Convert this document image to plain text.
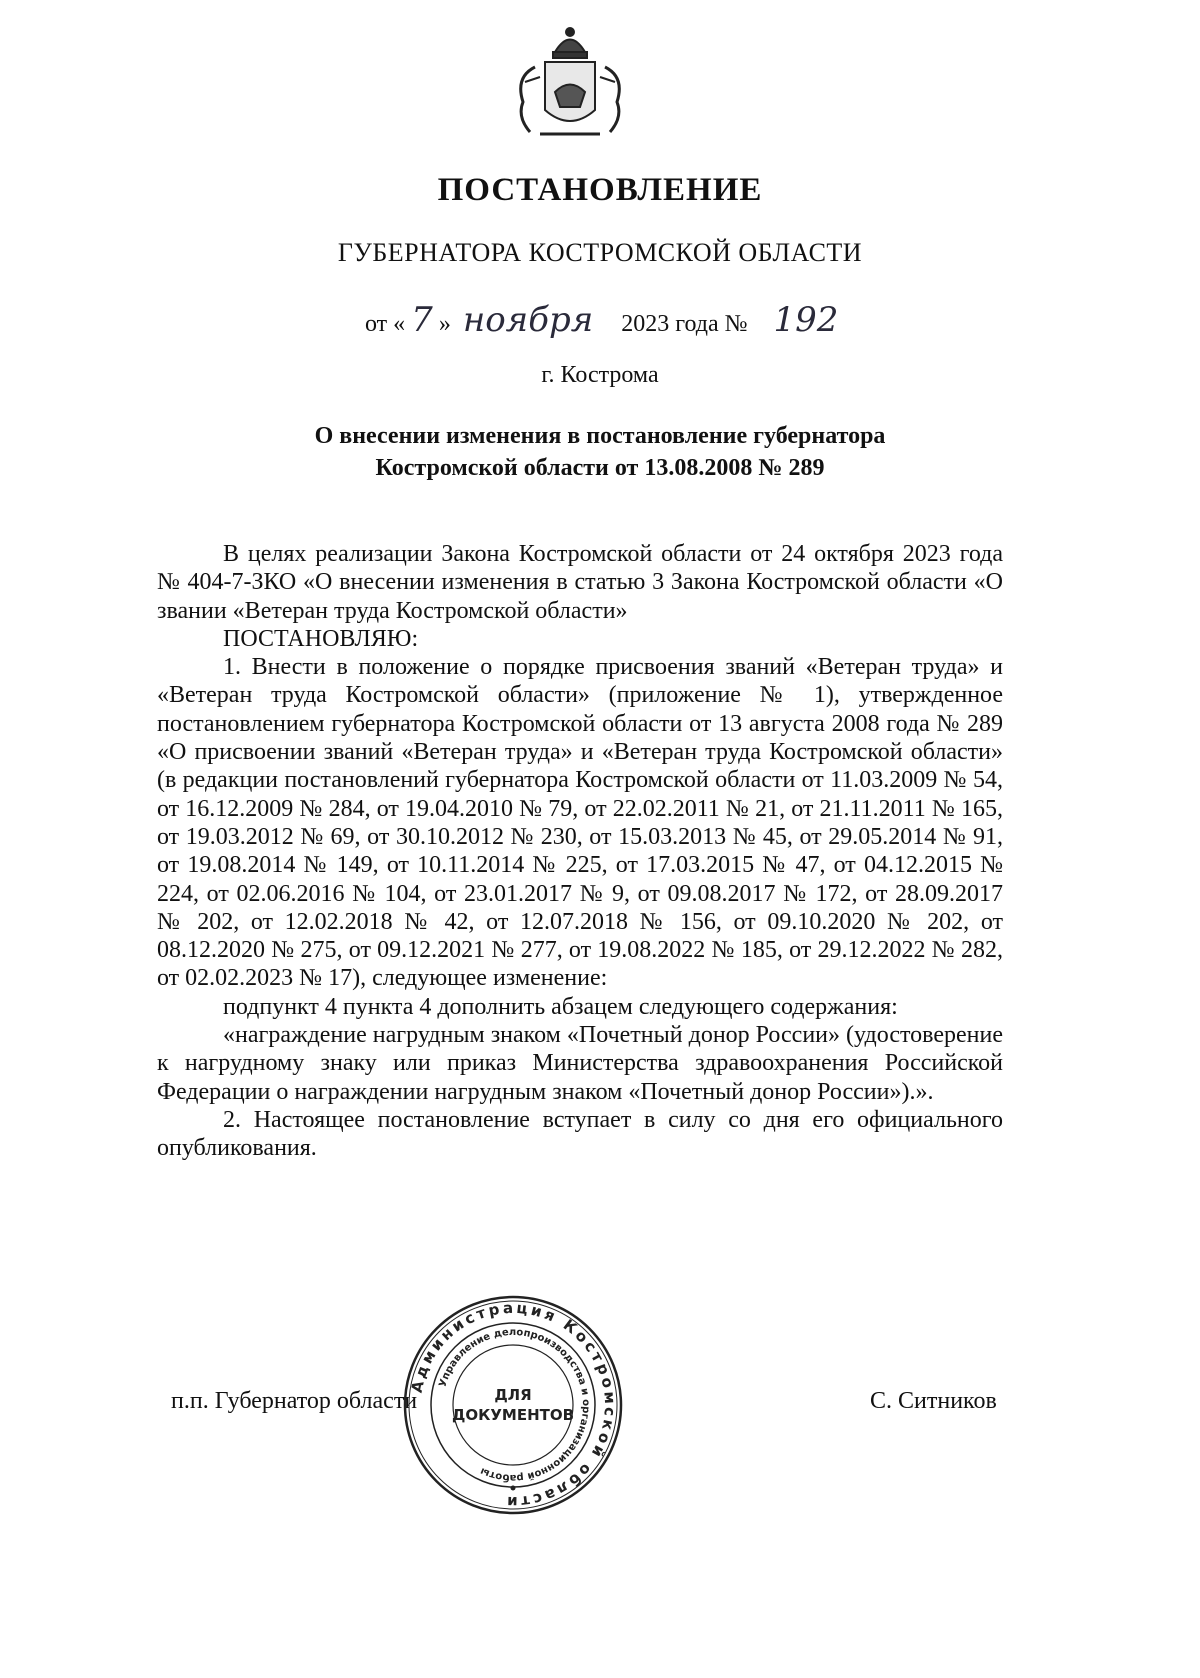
ПОСТАНОВЛЕНИЕ
ГУБЕРНАТОРА КОСТРОМСКОЙ ОБЛАСТИ
от « 7 » ноября 2023 года № 192
г. Кострома
О внесении изменения в постановление губернатора
Костромской области от 13.08.2008 № 289

В целях реализации Закона Костромской области от 24 октября 2023 года № 404-7-ЗКО «О внесении изменения в статью 3 Закона Костромской области «О звании «Ветеран труда Костромской области»

ПОСТАНОВЛЯЮ:

1. Внести в положение о порядке присвоения званий «Ветеран труда» и «Ветеран труда Костромской области» (приложение № 1), утвержденное постановлением губернатора Костромской области от 13 августа 2008 года № 289 «О присвоении званий «Ветеран труда» и «Ветеран труда Костромской области» (в редакции постановлений губернатора Костромской области от 11.03.2009 № 54, от 16.12.2009 № 284, от 19.04.2010 № 79, от 22.02.2011 № 21, от 21.11.2011 № 165, от 19.03.2012 № 69, от 30.10.2012 № 230, от 15.03.2013 № 45, от 29.05.2014 № 91, от 19.08.2014 № 149, от 10.11.2014 № 225, от 17.03.2015 № 47, от 04.12.2015 № 224, от 02.06.2016 № 104, от 23.01.2017 № 9, от 09.08.2017 № 172, от 28.09.2017 № 202, от 12.02.2018 № 42, от 12.07.2018 № 156, от 09.10.2020 № 202, от 08.12.2020 № 275, от 09.12.2021 № 277, от 19.08.2022 № 185, от 29.12.2022 № 282, от 02.02.2023 № 17), следующее изменение:

подпункт 4 пункта 4 дополнить абзацем следующего содержания:

«награждение нагрудным знаком «Почетный донор России» (удостоверение к нагрудному знаку или приказ Министерства здравоохранения Российской Федерации о награждении нагрудным знаком «Почетный донор России»).».

2. Настоящее постановление вступает в силу со дня его официального опубликования.

п.п. Губернатор области	С. Ситников
Администрация Костромской области
Управление делопроизводства и организационной работы
ДЛЯ
ДОКУМЕНТОВ
